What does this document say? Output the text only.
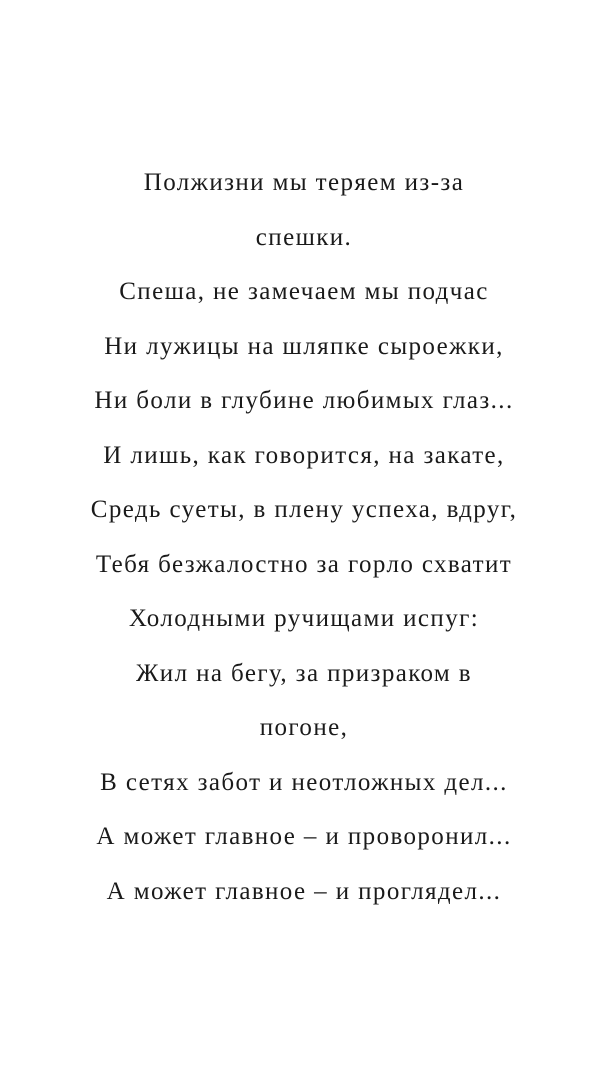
Полжизни мы теряем из-за
спешки.
Спеша, не замечаем мы подчас
Ни лужицы на шляпке сыроежки,
Ни боли в глубине любимых глаз...
И лишь, как говорится, на закате,
Средь суеты, в плену успеха, вдруг,
Тебя безжалостно за горло схватит
Холодными ручищами испуг:
Жил на бегу, за призраком в
погоне,
В сетях забот и неотложных дел...
А может главное – и проворонил...
А может главное – и проглядел...
